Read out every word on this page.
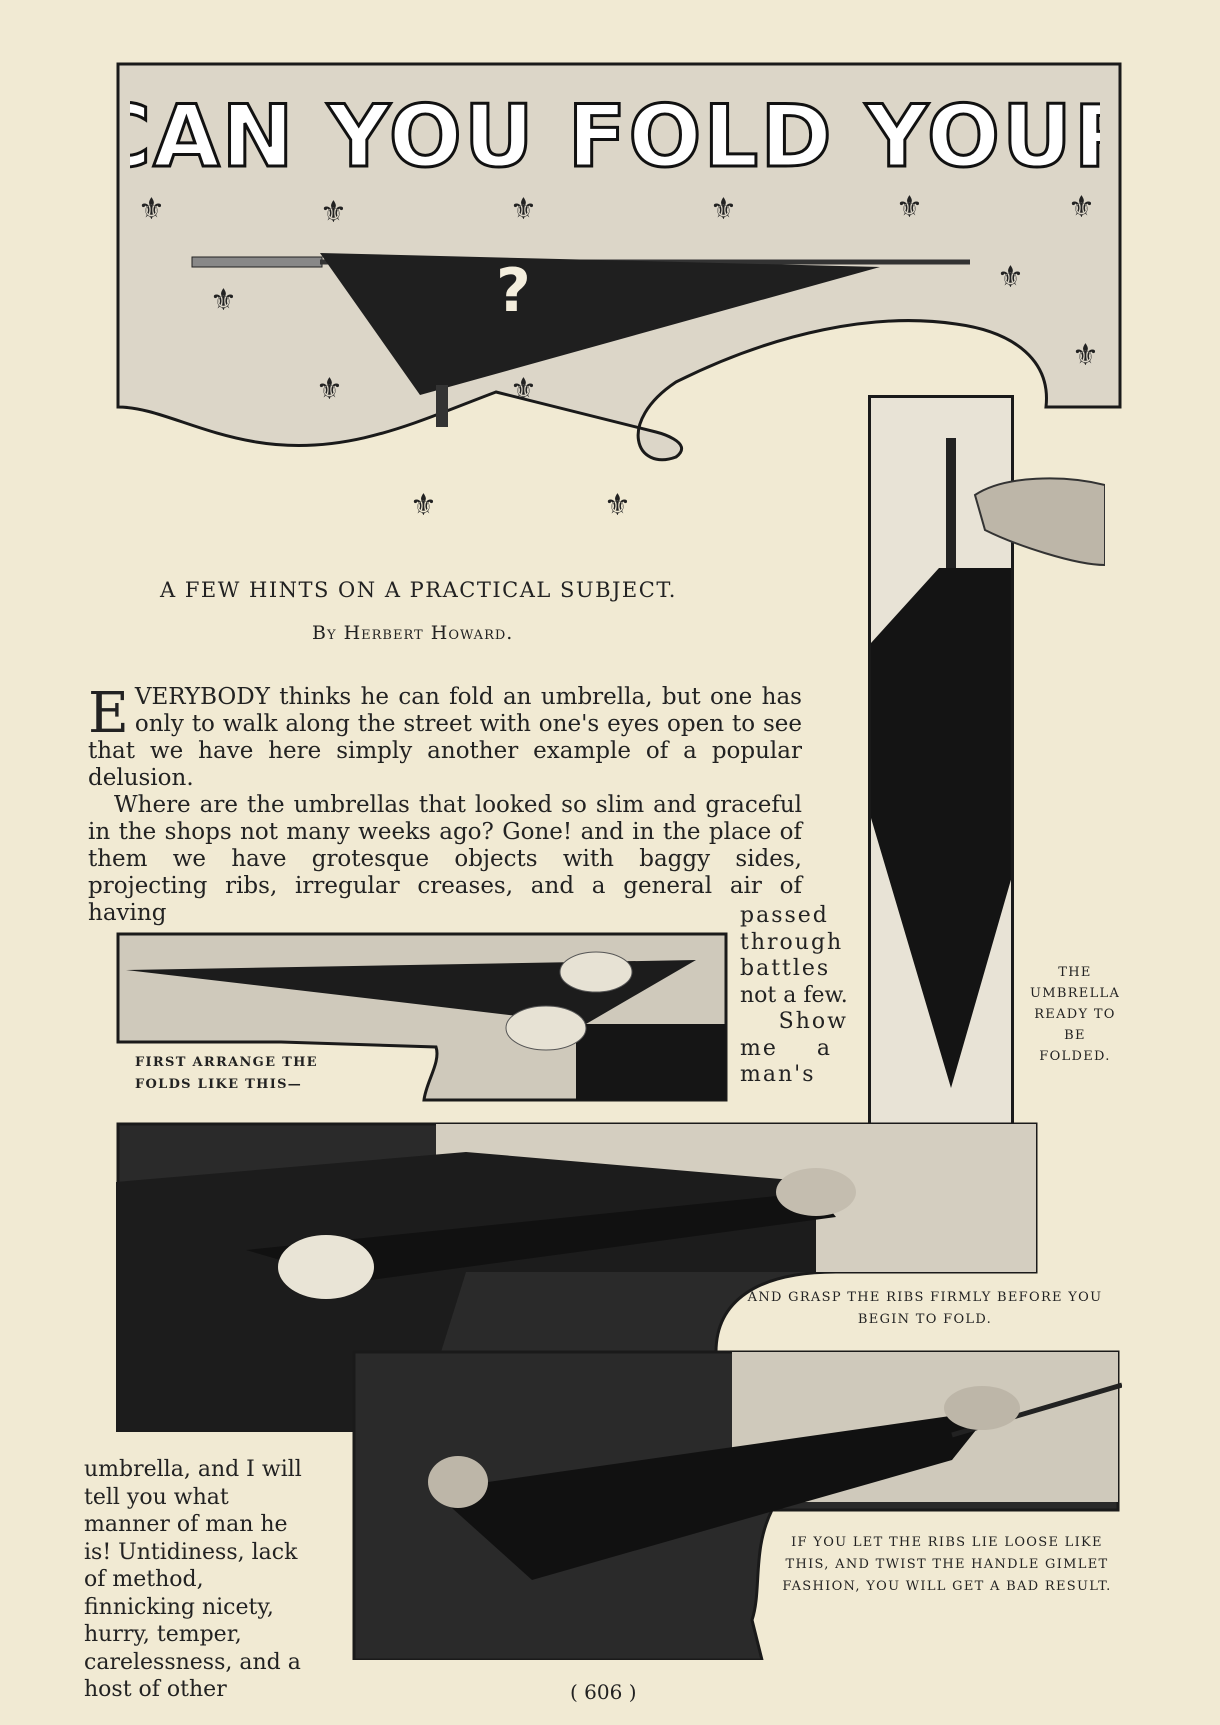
CAN YOU FOLD YOUR
⚜	⚜	⚜	⚜	⚜	⚜
⚜
⚜
⚜
⚜	⚜
⚜	⚜
?
THE UMBRELLA READY TO BE FOLDED.
A FEW HINTS ON A PRACTICAL SUBJECT.
By Herbert Howard.
E VERYBODY thinks he can fold an umbrella, but one has only to walk along the street with one's eyes open to see that we have here simply another example of a popular delusion.
Where are the umbrellas that looked so slim and graceful in the shops not many weeks ago? Gone! and in the place of them we have grotesque objects with baggy sides, projecting ribs, irregular creases, and a general air of having	passed
through
battles
not a few.
Show
me a
man's
FIRST ARRANGE THE FOLDS LIKE THIS—
AND GRASP THE RIBS FIRMLY BEFORE YOU BEGIN TO FOLD.
IF YOU LET THE RIBS LIE LOOSE LIKE THIS, AND TWIST THE HANDLE GIMLET FASHION, YOU WILL GET A BAD RESULT.
umbrella, and I will tell you what manner of man he is! Untidiness, lack of method, finnicking nicety, hurry, temper, carelessness, and a host of other	( 606 )
